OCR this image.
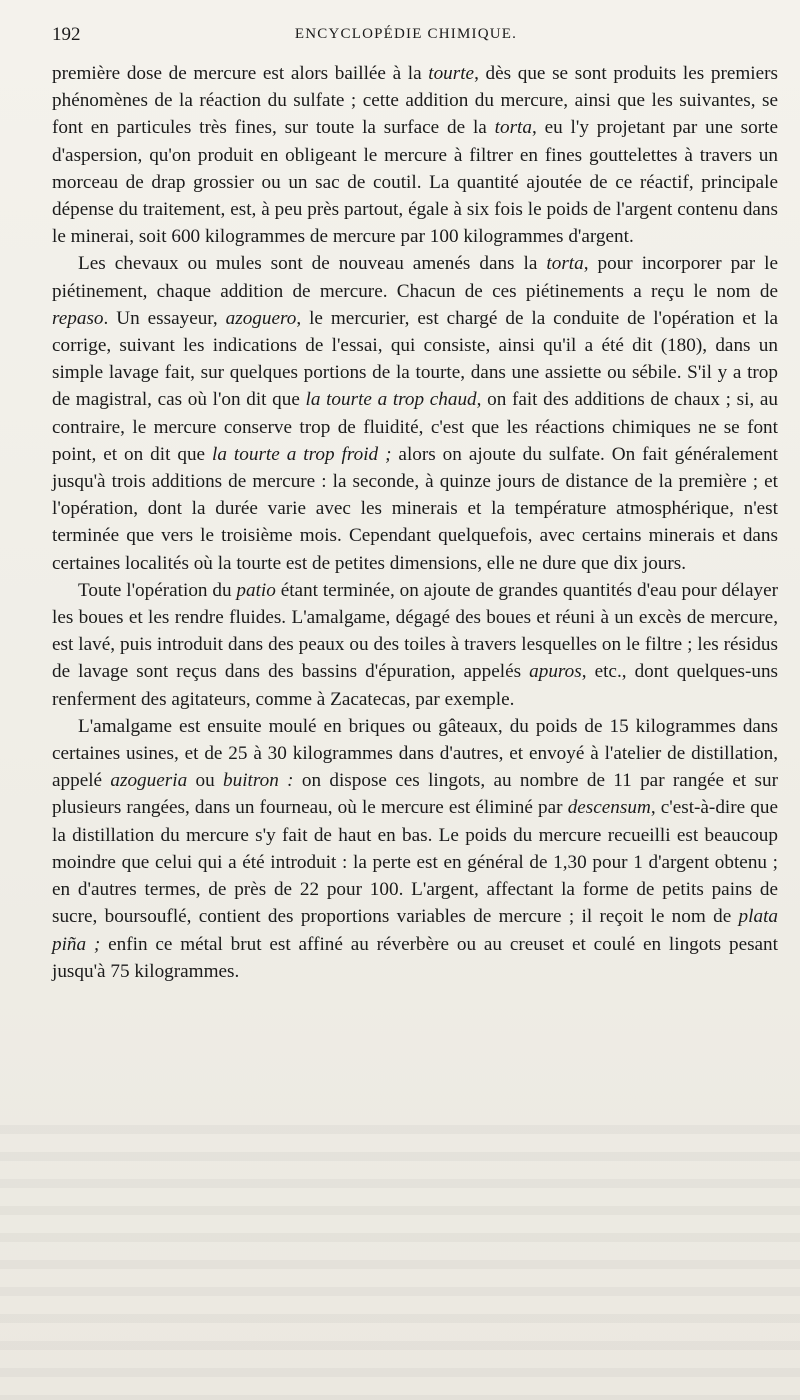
192	ENCYCLOPÉDIE CHIMIQUE.

première dose de mercure est alors baillée à la tourte, dès que se sont produits les premiers phénomènes de la réaction du sulfate ; cette addition du mercure, ainsi que les suivantes, se font en particules très fines, sur toute la surface de la torta, eu l'y projetant par une sorte d'aspersion, qu'on produit en obligeant le mercure à filtrer en fines gouttelettes à travers un morceau de drap grossier ou un sac de coutil. La quantité ajoutée de ce réactif, principale dépense du traitement, est, à peu près partout, égale à six fois le poids de l'argent contenu dans le minerai, soit 600 kilogrammes de mercure par 100 kilogrammes d'argent.

Les chevaux ou mules sont de nouveau amenés dans la torta, pour incorporer par le piétinement, chaque addition de mercure. Chacun de ces piétinements a reçu le nom de repaso. Un essayeur, azoguero, le mercurier, est chargé de la conduite de l'opération et la corrige, suivant les indications de l'essai, qui consiste, ainsi qu'il a été dit (180), dans un simple lavage fait, sur quelques portions de la tourte, dans une assiette ou sébile. S'il y a trop de magistral, cas où l'on dit que la tourte a trop chaud, on fait des additions de chaux ; si, au contraire, le mercure conserve trop de fluidité, c'est que les réactions chimiques ne se font point, et on dit que la tourte a trop froid ; alors on ajoute du sulfate. On fait généralement jusqu'à trois additions de mercure : la seconde, à quinze jours de distance de la première ; et l'opération, dont la durée varie avec les minerais et la température atmosphérique, n'est terminée que vers le troisième mois. Cependant quelquefois, avec certains minerais et dans certaines localités où la tourte est de petites dimensions, elle ne dure que dix jours.

Toute l'opération du patio étant terminée, on ajoute de grandes quantités d'eau pour délayer les boues et les rendre fluides. L'amalgame, dégagé des boues et réuni à un excès de mercure, est lavé, puis introduit dans des peaux ou des toiles à travers lesquelles on le filtre ; les résidus de lavage sont reçus dans des bassins d'épuration, appelés apuros, etc., dont quelques-uns renferment des agitateurs, comme à Zacatecas, par exemple.

L'amalgame est ensuite moulé en briques ou gâteaux, du poids de 15 kilogrammes dans certaines usines, et de 25 à 30 kilogrammes dans d'autres, et envoyé à l'atelier de distillation, appelé azogueria ou buitron : on dispose ces lingots, au nombre de 11 par rangée et sur plusieurs rangées, dans un fourneau, où le mercure est éliminé par descensum, c'est-à-dire que la distillation du mercure s'y fait de haut en bas. Le poids du mercure recueilli est beaucoup moindre que celui qui a été introduit : la perte est en général de 1,30 pour 1 d'argent obtenu ; en d'autres termes, de près de 22 pour 100. L'argent, affectant la forme de petits pains de sucre, boursouflé, contient des proportions variables de mercure ; il reçoit le nom de plata piña ; enfin ce métal brut est affiné au réverbère ou au creuset et coulé en lingots pesant jusqu'à 75 kilogrammes.
